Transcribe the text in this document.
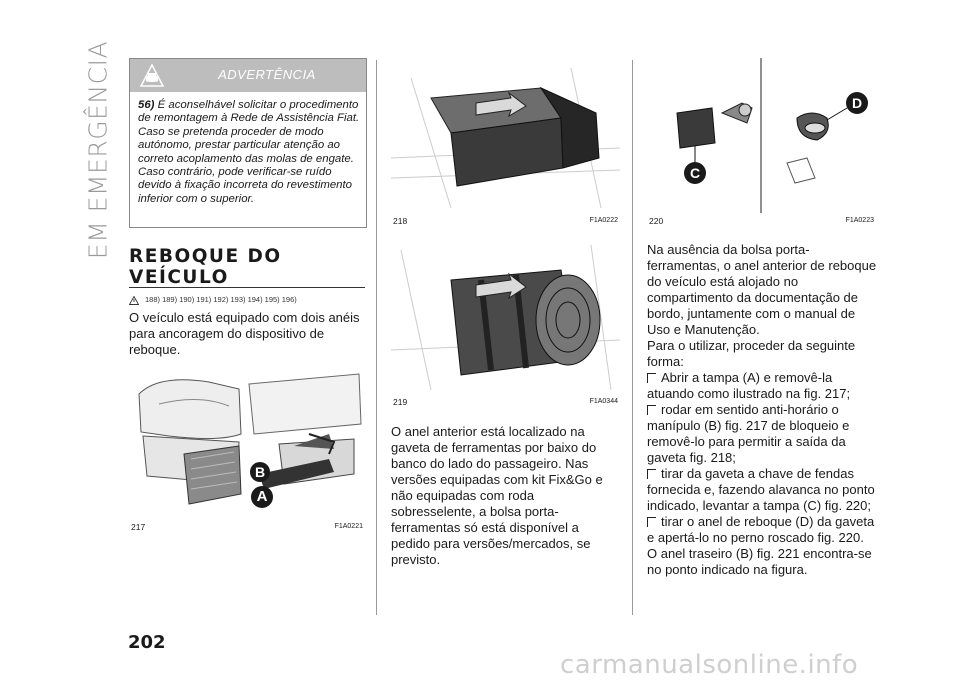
EM EMERGÊNCIA	ADVERTÊNCIA
56) É aconselhável solicitar o procedimento de remontagem à Rede de Assistência Fiat. Caso se pretenda proceder de modo autónomo, prestar particular atenção ao correto acoplamento das molas de engate. Caso contrário, pode verificar-se ruído devido à fixação incorreta do revestimento inferior com o superior.
REBOQUE DO VEÍCULO
188) 189) 190) 191) 192) 193) 194) 195) 196)
O veículo está equipado com dois anéis para ancoragem do dispositivo de reboque.
B
A
217	F1A0221
218	F1A0222
219	F1A0344
O anel anterior está localizado na gaveta de ferramentas por baixo do banco do lado do passageiro. Nas versões equipadas com kit Fix&Go e não equipadas com roda sobresselente, a bolsa porta-ferramentas só está disponível a pedido para versões/mercados, se previsto.
C
D
220	F1A0223
Na ausência da bolsa porta-ferramentas, o anel anterior de reboque do veículo está alojado no compartimento da documentação de bordo, juntamente com o manual de Uso e Manutenção.
Para o utilizar, proceder da seguinte forma:
Abrir a tampa (A) e removê-la atuando como ilustrado na fig. 217;
rodar em sentido anti-horário o manípulo (B) fig. 217 de bloqueio e removê-lo para permitir a saída da gaveta fig. 218;
tirar da gaveta a chave de fendas fornecida e, fazendo alavanca no ponto indicado, levantar a tampa (C) fig. 220;
tirar o anel de reboque (D) da gaveta e apertá-lo no perno roscado fig. 220.
O anel traseiro (B) fig. 221 encontra-se no ponto indicado na figura.
202
carmanualsonline.info
